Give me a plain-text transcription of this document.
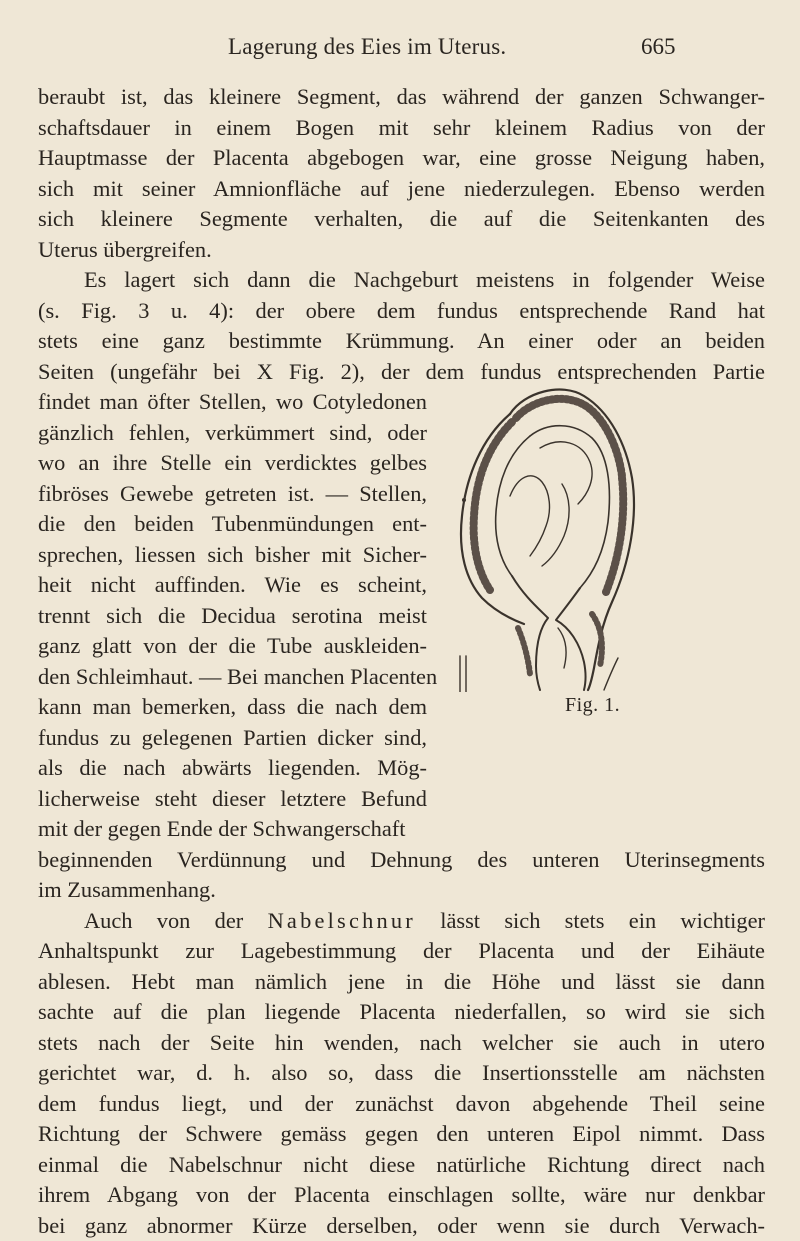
Lagerung des Eies im Uterus.	665

beraubt ist, das kleinere Segment, das während der ganzen Schwanger-
schaftsdauer in einem Bogen mit sehr kleinem Radius von der
Hauptmasse der Placenta abgebogen war, eine grosse Neigung haben,
sich mit seiner Amnionfläche auf jene niederzulegen. Ebenso werden
sich kleinere Segmente verhalten, die auf die Seitenkanten des
Uterus übergreifen.

Es lagert sich dann die Nachgeburt meistens in folgender Weise
(s. Fig. 3 u. 4): der obere dem fundus entsprechende Rand hat
stets eine ganz bestimmte Krümmung. An einer oder an beiden
Seiten (ungefähr bei X Fig. 2), der dem fundus entsprechenden Partie
findet man öfter Stellen, wo Cotyledonen
gänzlich fehlen, verkümmert sind, oder
wo an ihre Stelle ein verdicktes gelbes
fibröses Gewebe getreten ist. — Stellen,
die den beiden Tubenmündungen ent-
sprechen, liessen sich bisher mit Sicher-
heit nicht auffinden. Wie es scheint,
trennt sich die Decidua serotina meist
ganz glatt von der die Tube auskleiden-
den Schleimhaut. — Bei manchen Placenten
kann man bemerken, dass die nach dem
fundus zu gelegenen Partien dicker sind,
als die nach abwärts liegenden. Mög-
licherweise steht dieser letztere Befund
mit der gegen Ende der Schwangerschaft
beginnenden Verdünnung und Dehnung des unteren Uterinsegments
im Zusammenhang.

Auch von der Nabelschnur lässt sich stets ein wichtiger
Anhaltspunkt zur Lagebestimmung der Placenta und der Eihäute
ablesen. Hebt man nämlich jene in die Höhe und lässt sie dann
sachte auf die plan liegende Placenta niederfallen, so wird sie sich
stets nach der Seite hin wenden, nach welcher sie auch in utero
gerichtet war, d. h. also so, dass die Insertionsstelle am nächsten
dem fundus liegt, und der zunächst davon abgehende Theil seine
Richtung der Schwere gemäss gegen den unteren Eipol nimmt. Dass
einmal die Nabelschnur nicht diese natürliche Richtung direct nach
ihrem Abgang von der Placenta einschlagen sollte, wäre nur denkbar
bei ganz abnormer Kürze derselben, oder wenn sie durch Verwach-

Fig. 1.
